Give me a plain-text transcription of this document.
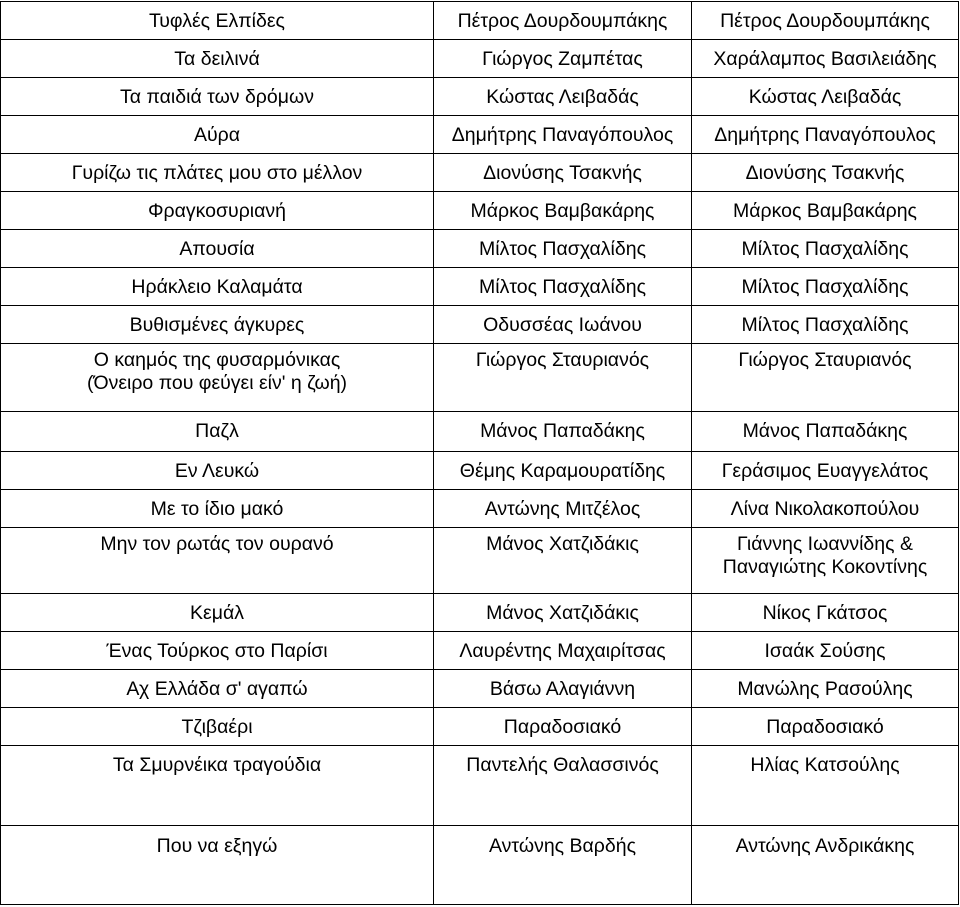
Τυφλές Ελπίδες	Πέτρος Δουρδουμπάκης	Πέτρος Δουρδουμπάκης
Τα δειλινά	Γιώργος Ζαμπέτας	Χαράλαμπος Βασιλειάδης
Τα παιδιά των δρόμων	Κώστας Λειβαδάς	Κώστας Λειβαδάς
Αύρα	Δημήτρης Παναγόπουλος	Δημήτρης Παναγόπουλος
Γυρίζω τις πλάτες μου στο μέλλον	Διονύσης Τσακνής	Διονύσης Τσακνής
Φραγκοσυριανή	Μάρκος Βαμβακάρης	Μάρκος Βαμβακάρης
Απουσία	Μίλτος Πασχαλίδης	Μίλτος Πασχαλίδης
Ηράκλειο Καλαμάτα	Μίλτος Πασχαλίδης	Μίλτος Πασχαλίδης
Βυθισμένες άγκυρες	Οδυσσέας Ιωάνου	Μίλτος Πασχαλίδης

Ο καημός της φυσαρμόνικας
(Όνειρο που φεύγει είν' η ζωή)	Γιώργος Σταυριανός	Γιώργος Σταυριανός
Παζλ	Μάνος Παπαδάκης	Μάνος Παπαδάκης
Εν Λευκώ	Θέμης Καραμουρατίδης	Γεράσιμος Ευαγγελάτος
Με το ίδιο μακό	Αντώνης Μιτζέλος	Λίνα Νικολακοπούλου
Μην τον ρωτάς τον ουρανό	Μάνος Χατζιδάκις	Γιάννης Ιωαννίδης &
Παναγιώτης Κοκοντίνης

Κεμάλ	Μάνος Χατζιδάκις	Νίκος Γκάτσος
Ένας Τούρκος στο Παρίσι	Λαυρέντης Μαχαιρίτσας	Ισαάκ Σούσης
Αχ Ελλάδα σ' αγαπώ	Βάσω Αλαγιάννη	Μανώλης Ρασούλης
Τζιβαέρι	Παραδοσιακό	Παραδοσιακό
Τα Σμυρνέικα τραγούδια	Παντελής Θαλασσινός	Ηλίας Κατσούλης
Που να εξηγώ	Αντώνης Βαρδής	Αντώνης Ανδρικάκης
